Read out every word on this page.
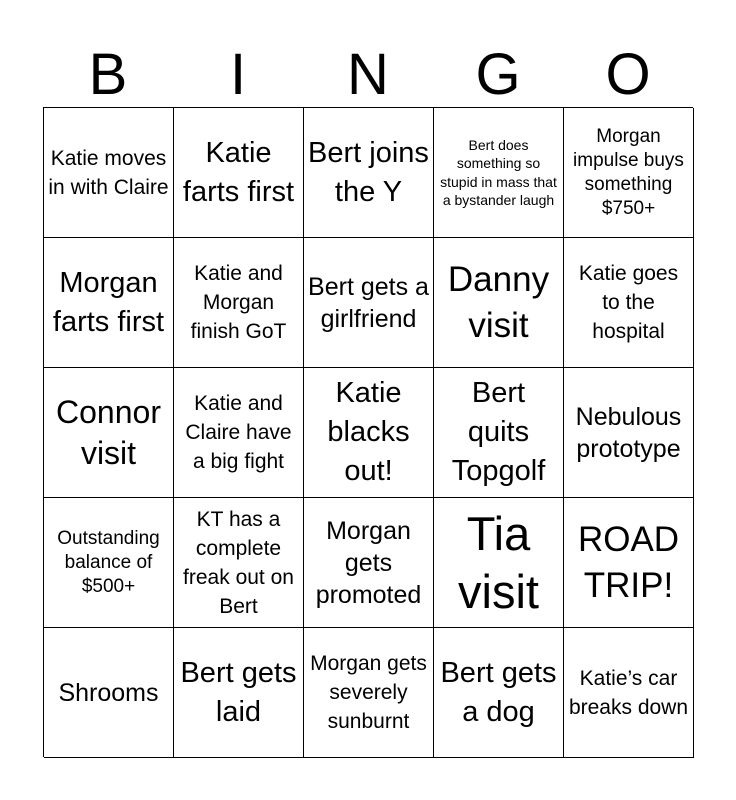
B	I	N	G	O
Katie moves in with Claire
Katie farts first
Bert joins the Y
Bert does something so stupid in mass that a bystander laugh
Morgan impulse buys something $750+
Morgan farts first
Katie and Morgan finish GoT
Bert gets a girlfriend
Danny visit
Katie goes to the hospital
Connor visit
Katie and Claire have a big fight
Katie blacks out!
Bert quits Topgolf
Nebulous prototype
Outstanding balance of $500+
KT has a complete freak out on Bert
Morgan gets promoted
Tia visit
ROAD TRIP!
Shrooms
Bert gets laid
Morgan gets severely sunburnt
Bert gets a dog
Katie’s car breaks down
